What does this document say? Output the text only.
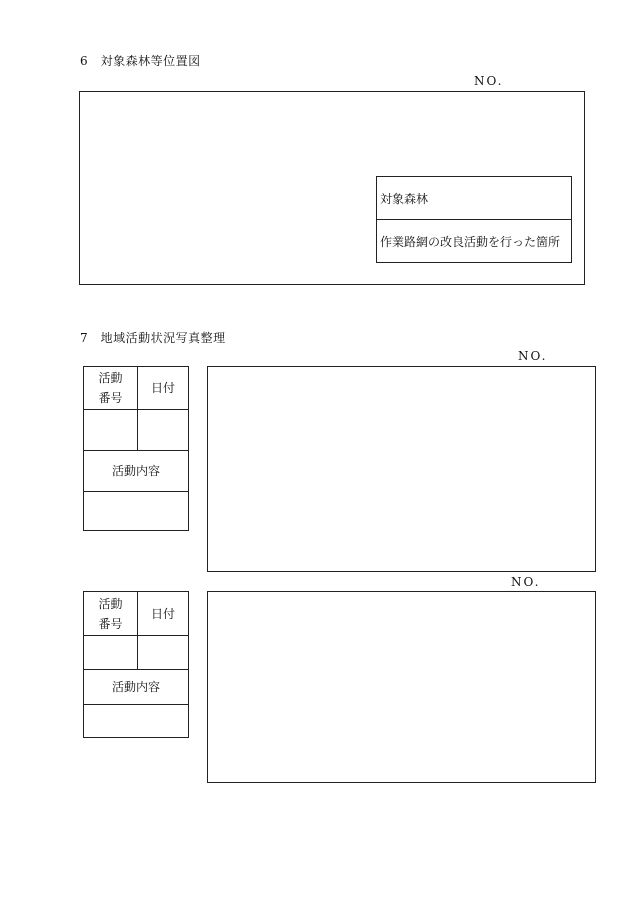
6　対象森林等位置図
NO.
対象森林
作業路網の改良活動を行った箇所
7　地域活動状況写真整理
NO.
活動
番号
日付
活動内容
NO.
活動
番号
日付
活動内容
